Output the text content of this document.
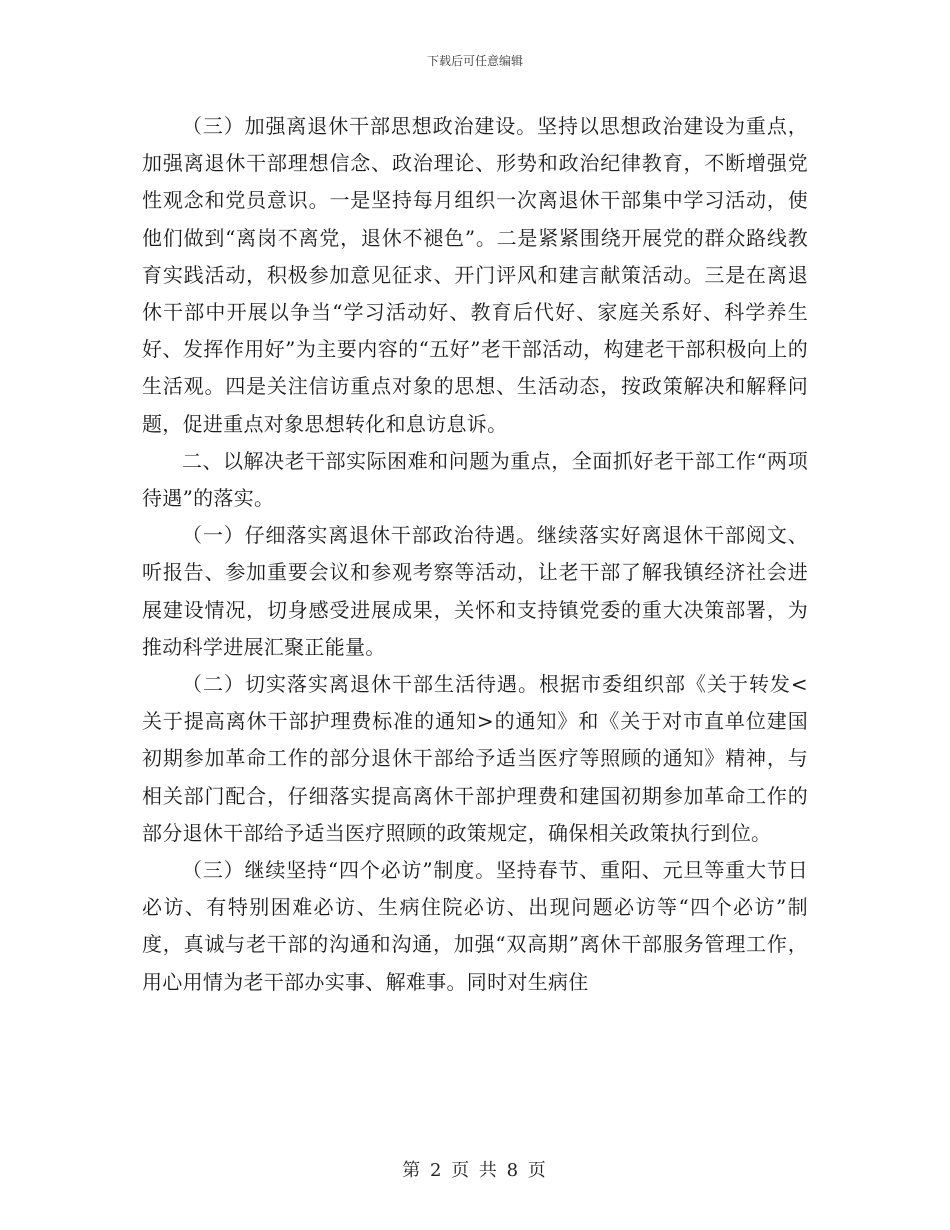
下载后可任意编辑

（三）加强离退休干部思想政治建设。坚持以思想政治建设为重点，加强离退休干部理想信念、政治理论、形势和政治纪律教育，不断增强党性观念和党员意识。一是坚持每月组织一次离退休干部集中学习活动，使他们做到“离岗不离党，退休不褪色”。二是紧紧围绕开展党的群众路线教育实践活动，积极参加意见征求、开门评风和建言献策活动。三是在离退休干部中开展以争当“学习活动好、教育后代好、家庭关系好、科学养生好、发挥作用好”为主要内容的“五好”老干部活动，构建老干部积极向上的生活观。四是关注信访重点对象的思想、生活动态，按政策解决和解释问题，促进重点对象思想转化和息访息诉。

二、以解决老干部实际困难和问题为重点，全面抓好老干部工作“两项待遇”的落实。

（一）仔细落实离退休干部政治待遇。继续落实好离退休干部阅文、听报告、参加重要会议和参观考察等活动，让老干部了解我镇经济社会进展建设情况，切身感受进展成果，关怀和支持镇党委的重大决策部署，为推动科学进展汇聚正能量。

（二）切实落实离退休干部生活待遇。根据市委组织部《关于转发<关于提高离休干部护理费标准的通知>的通知》和《关于对市直单位建国初期参加革命工作的部分退休干部给予适当医疗等照顾的通知》精神，与相关部门配合，仔细落实提高离休干部护理费和建国初期参加革命工作的部分退休干部给予适当医疗照顾的政策规定，确保相关政策执行到位。

（三）继续坚持“四个必访”制度。坚持春节、重阳、元旦等重大节日必访、有特别困难必访、生病住院必访、出现问题必访等“四个必访”制度，真诚与老干部的沟通和沟通，加强“双高期”离休干部服务管理工作，用心用情为老干部办实事、解难事。同时对生病住

第 2 页 共 8 页
